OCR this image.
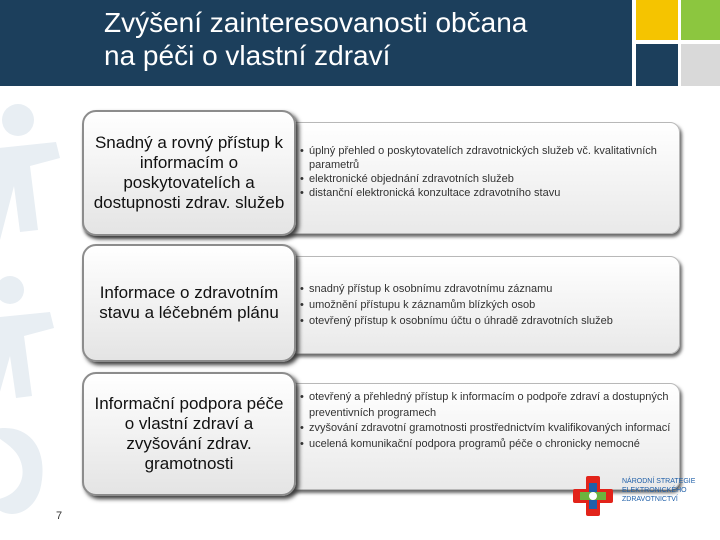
Zvýšení zainteresovanosti občana
na péči o vlastní zdraví
Snadný a rovný přístup k informacím o poskytovatelích a dostupnosti zdrav. služeb
Informace o zdravotním stavu a léčebném plánu
Informační podpora péče o vlastní zdraví a zvyšování zdrav. gramotnosti
• úplný přehled o poskytovatelích zdravotnických služeb vč. kvalitativních parametrů
• elektronické objednání zdravotních služeb
• distanční elektronická konzultace zdravotního stavu
• snadný přístup k osobnímu zdravotnímu záznamu
• umožnění přístupu k záznamům blízkých osob
• otevřený přístup k osobnímu účtu o úhradě zdravotních služeb
• otevřený a přehledný přístup k informacím o podpoře zdraví a dostupných preventivních programech
• zvyšování zdravotní gramotnosti prostřednictvím kvalifikovaných informací
• ucelená komunikační podpora programů péče o chronicky nemocné
NÁRODNÍ STRATEGIE
ELEKTRONICKÉHO
ZDRAVOTNICTVÍ
7
